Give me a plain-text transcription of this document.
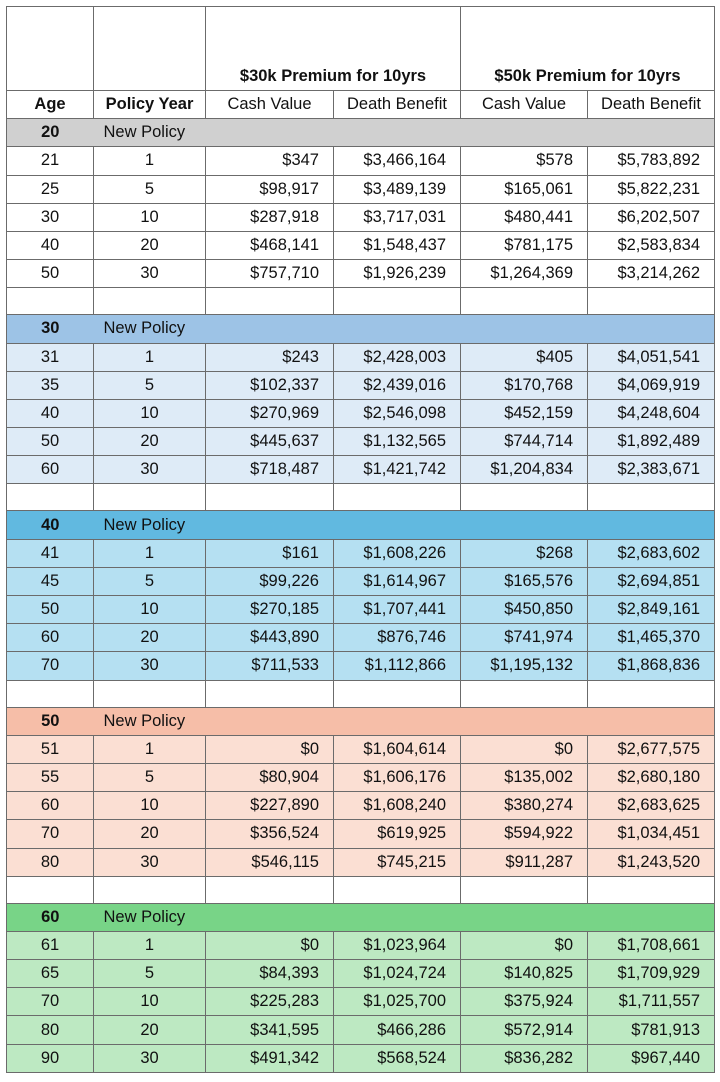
		$30k Premium for 10yrs		$50k Premium for 10yrs	
Age	Policy Year	Cash Value	Death Benefit	Cash Value	Death Benefit
20	New Policy				
21	1	$347	$3,466,164	$578	$5,783,892
25	5	$98,917	$3,489,139	$165,061	$5,822,231
30	10	$287,918	$3,717,031	$480,441	$6,202,507
40	20	$468,141	$1,548,437	$781,175	$2,583,834
50	30	$757,710	$1,926,239	$1,264,369	$3,214,262

30	New Policy				
31	1	$243	$2,428,003	$405	$4,051,541
35	5	$102,337	$2,439,016	$170,768	$4,069,919
40	10	$270,969	$2,546,098	$452,159	$4,248,604
50	20	$445,637	$1,132,565	$744,714	$1,892,489
60	30	$718,487	$1,421,742	$1,204,834	$2,383,671

40	New Policy				
41	1	$161	$1,608,226	$268	$2,683,602
45	5	$99,226	$1,614,967	$165,576	$2,694,851
50	10	$270,185	$1,707,441	$450,850	$2,849,161
60	20	$443,890	$876,746	$741,974	$1,465,370
70	30	$711,533	$1,112,866	$1,195,132	$1,868,836

50	New Policy				
51	1	$0	$1,604,614	$0	$2,677,575
55	5	$80,904	$1,606,176	$135,002	$2,680,180
60	10	$227,890	$1,608,240	$380,274	$2,683,625
70	20	$356,524	$619,925	$594,922	$1,034,451
80	30	$546,115	$745,215	$911,287	$1,243,520

60	New Policy				
61	1	$0	$1,023,964	$0	$1,708,661
65	5	$84,393	$1,024,724	$140,825	$1,709,929
70	10	$225,283	$1,025,700	$375,924	$1,711,557
80	20	$341,595	$466,286	$572,914	$781,913
90	30	$491,342	$568,524	$836,282	$967,440
